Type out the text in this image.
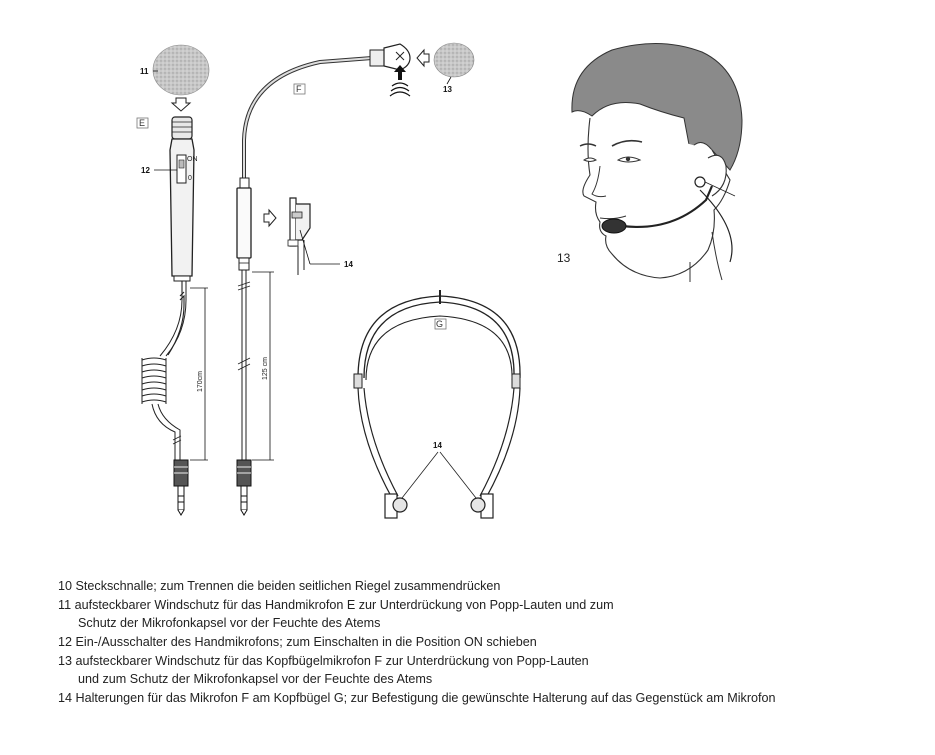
11
E
ON
0
12
170cm
13
F
14
125 cm
G
14
13
10 Steckschnalle; zum Trennen die beiden seitlichen Riegel zusammendrücken
11 aufsteckbarer Windschutz für das Handmikrofon E zur Unterdrückung von Popp-Lauten und zum
Schutz der Mikrofonkapsel vor der Feuchte des Atems
12 Ein-/Ausschalter des Handmikrofons; zum Einschalten in die Position ON schieben
13 aufsteckbarer Windschutz für das Kopfbügelmikrofon F zur Unterdrückung von Popp-Lauten
und zum Schutz der Mikrofonkapsel vor der Feuchte des Atems
14 Halterungen für das Mikrofon F am Kopfbügel G; zur Befestigung die gewünschte Halterung auf das Gegenstück am Mikrofon
